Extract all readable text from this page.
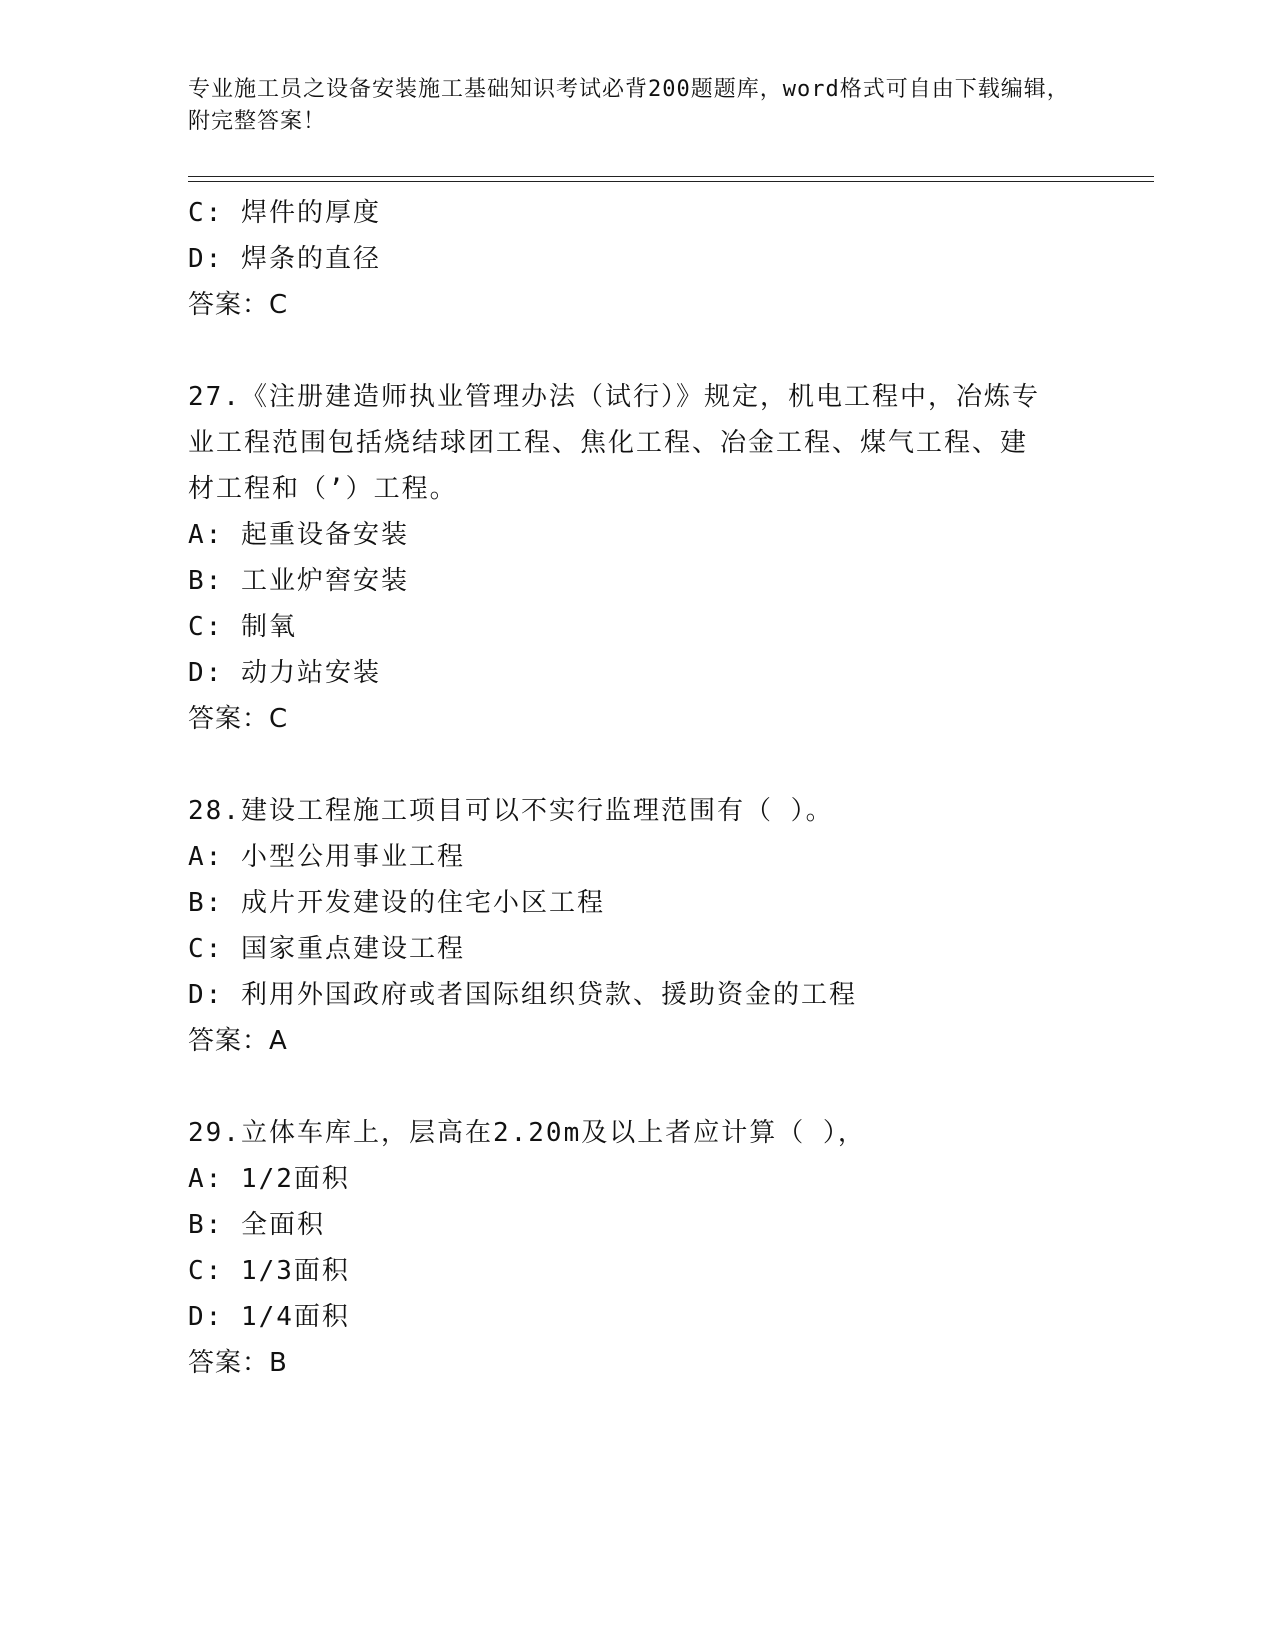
专业施工员之设备安装施工基础知识考试必背200题题库，word格式可自由下载编辑，附完整答案！
C: 焊件的厚度
D: 焊条的直径
答案：C
27.《注册建造师执业管理办法（试行）》规定，机电工程中，冶炼专
业工程范围包括烧结球团工程、焦化工程、冶金工程、煤气工程、建
材工程和（’）工程。
A: 起重设备安装
B: 工业炉窖安装
C: 制氧
D: 动力站安装
答案：C
28.建设工程施工项目可以不实行监理范围有（ ）。
A: 小型公用事业工程
B: 成片开发建设的住宅小区工程
C: 国家重点建设工程
D: 利用外国政府或者国际组织贷款、援助资金的工程
答案：A
29.立体车库上，层高在2.20m及以上者应计算（ ），
A: 1/2面积
B: 全面积
C: 1/3面积
D: 1/4面积
答案：B
